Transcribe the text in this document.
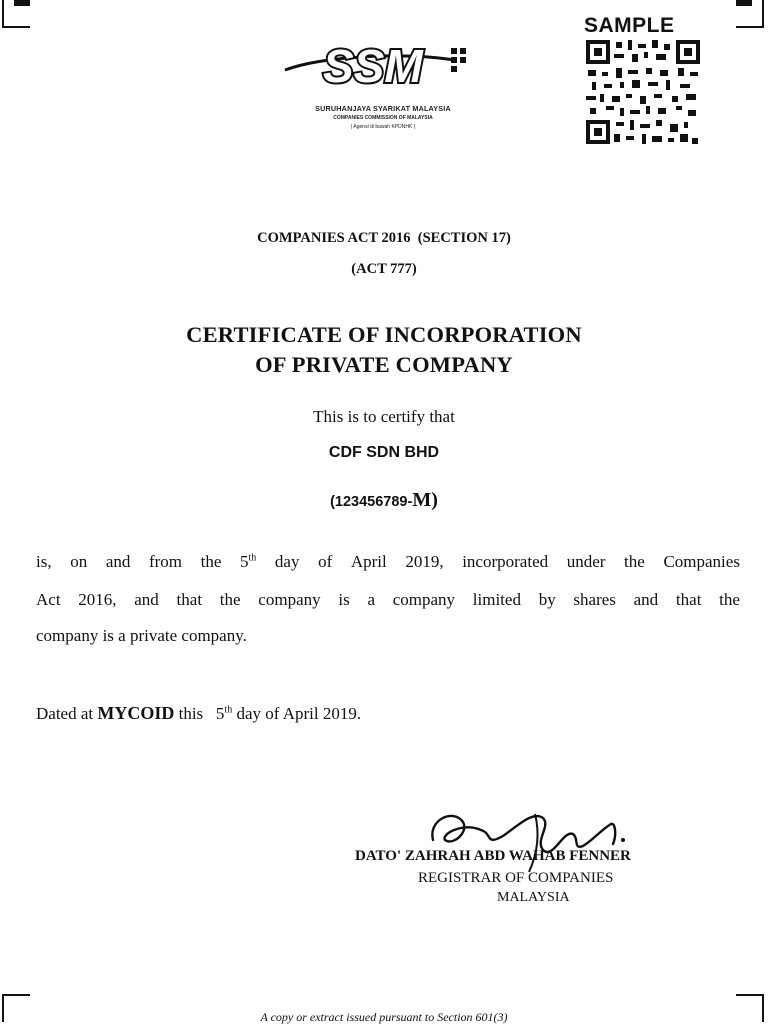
SSM
SURUHANJAYA SYARIKAT MALAYSIA
COMPANIES COMMISSION OF MALAYSIA
( Agensi di bawah KPDNHK )
SAMPLE
COMPANIES ACT 2016  (SECTION 17)
(ACT 777)
CERTIFICATE OF INCORPORATION
OF PRIVATE COMPANY
This is to certify that
CDF SDN BHD
(123456789-M)
is, on and from the 5th day of April 2019, incorporated under the Companies
Act 2016, and that the company is a company limited by shares and that the
company is a private company.
Dated at MYCOID this 5th day of April 2019.
DATO' ZAHRAH ABD WAHAB FENNER
REGISTRAR OF COMPANIES
MALAYSIA
A copy or extract issued pursuant to Section 601(3)
